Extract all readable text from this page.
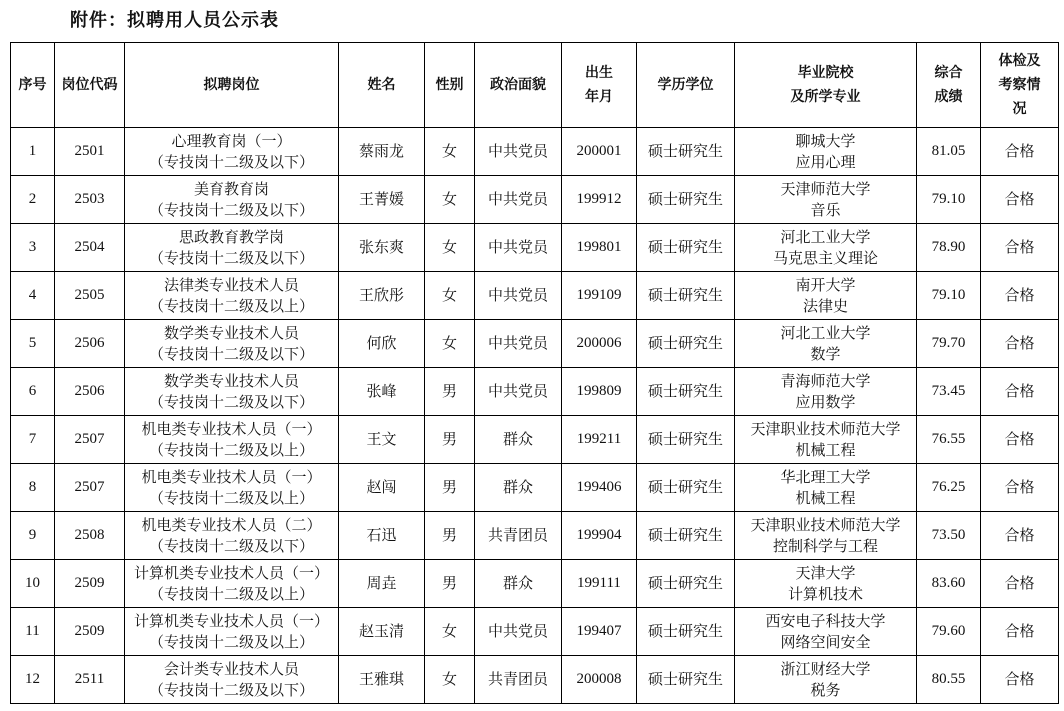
附件：拟聘用人员公示表
序号	岗位代码	拟聘岗位	姓名	性别	政治面貌	出生
年月	学历学位	毕业院校
及所学专业	综合
成绩	体检及
考察情
况

1	2501	心理教育岗（一）
（专技岗十二级及以下）	蔡雨龙	女	中共党员	200001	硕士研究生	聊城大学
应用心理	81.05	合格
2	2503	美育教育岗
（专技岗十二级及以下）	王菁媛	女	中共党员	199912	硕士研究生	天津师范大学
音乐	79.10	合格
3	2504	思政教育教学岗
（专技岗十二级及以下）	张东爽	女	中共党员	199801	硕士研究生	河北工业大学
马克思主义理论	78.90	合格
4	2505	法律类专业技术人员
（专技岗十二级及以上）	王欣彤	女	中共党员	199109	硕士研究生	南开大学
法律史	79.10	合格
5	2506	数学类专业技术人员
（专技岗十二级及以下）	何欣	女	中共党员	200006	硕士研究生	河北工业大学
数学	79.70	合格
6	2506	数学类专业技术人员
（专技岗十二级及以下）	张峰	男	中共党员	199809	硕士研究生	青海师范大学
应用数学	73.45	合格
7	2507	机电类专业技术人员（一）
（专技岗十二级及以上）	王文	男	群众	199211	硕士研究生	天津职业技术师范大学
机械工程	76.55	合格
8	2507	机电类专业技术人员（一）
（专技岗十二级及以上）	赵闯	男	群众	199406	硕士研究生	华北理工大学
机械工程	76.25	合格
9	2508	机电类专业技术人员（二）
（专技岗十二级及以下）	石迅	男	共青团员	199904	硕士研究生	天津职业技术师范大学
控制科学与工程	73.50	合格
10	2509	计算机类专业技术人员（一）
（专技岗十二级及以上）	周垚	男	群众	199111	硕士研究生	天津大学
计算机技术	83.60	合格
11	2509	计算机类专业技术人员（一）
（专技岗十二级及以上）	赵玉清	女	中共党员	199407	硕士研究生	西安电子科技大学
网络空间安全	79.60	合格
12	2511	会计类专业技术人员
（专技岗十二级及以下）	王雅琪	女	共青团员	200008	硕士研究生	浙江财经大学
税务	80.55	合格
